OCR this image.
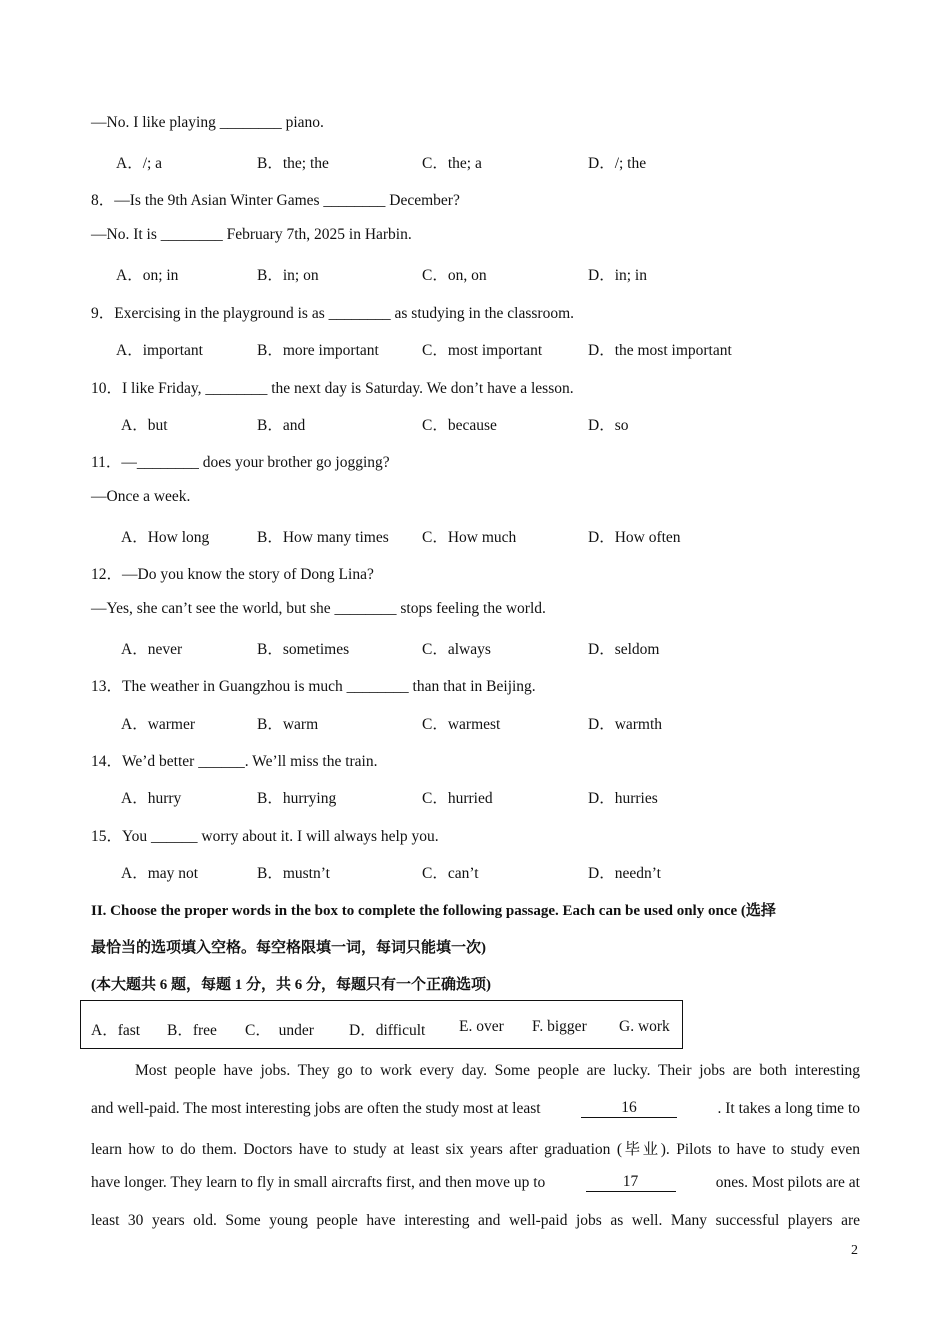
—No. I like playing ________ piano.
A．/; a	B．the; the	C．the; a	D．/; the
8．—Is the 9th Asian Winter Games ________ December?
—No. It is ________ February 7th, 2025 in Harbin.
A．on; in	B．in; on	C．on, on	D．in; in
9．Exercising in the playground is as ________ as studying in the classroom.
A．important	B．more important	C．most important	D．the most important
10．I like Friday, ________ the next day is Saturday. We don’t have a lesson.
A．but	B．and	C．because	D．so
11．—________ does your brother go jogging?
—Once a week.
A．How long	B．How many times C．How much	D．How often
12．—Do you know the story of Dong Lina?
—Yes, she can’t see the world, but she ________ stops feeling the world.
A．never	B．sometimes	C．always	D．seldom
13．The weather in Guangzhou is much ________ than that in Beijing.
A．warmer	B．warm	C．warmest	D．warmth
14．We’d better ______. We’ll miss the train.
A．hurry	B．hurrying	C．hurried	D．hurries
15．You ______ worry about it. I will always help you.
A．may not	B．mustn’t	C．can’t	D．needn’t
II. Choose the proper words in the box to complete the following passage. Each can be used only once (选择
最恰当的选项填入空格。每空格限填一词，每词只能填一次)
(本大题共 6 题，每题 1 分，共 6 分，每题只有一个正确选项)
A．fast B．free C．  under D．difficult E. over F. bigger G. work
Most people have jobs. They go to work every day. Some people are lucky. Their jobs are both interesting
and well-paid. The most interesting jobs are often the study most at least	16	. It takes a long time to
learn how to do them. Doctors have to study at least six years after graduation (毕业). Pilots to have to study even
have longer. They learn to fly in small aircrafts first, and then move up to	17	ones. Most pilots are at
least 30 years old. Some young people have interesting and well-paid jobs as well. Many successful players are
2
